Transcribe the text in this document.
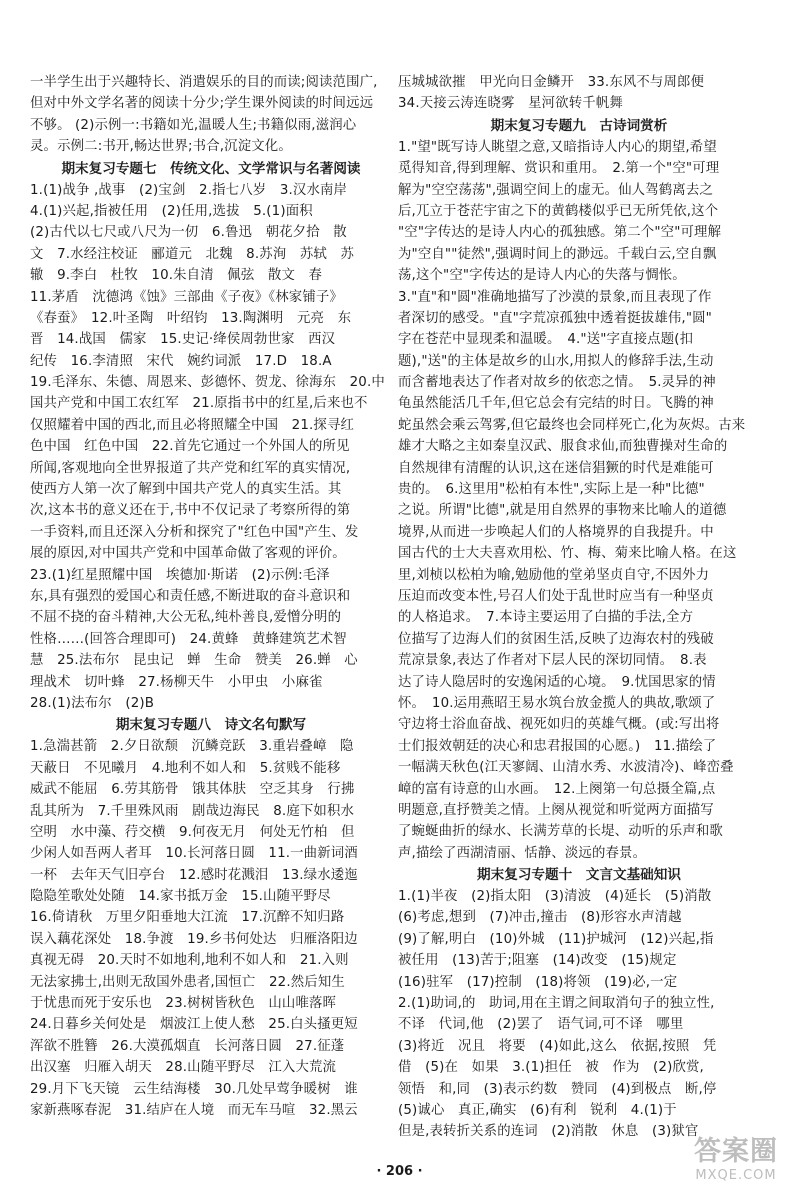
一半学生出于兴趣特长、消遣娱乐的目的而读;阅读范围广,
但对中外文学名著的阅读十分少;学生课外阅读的时间远远
不够。 (2)示例一:书籍如光,温暖人生;书籍似雨,滋润心
灵。示例二:书开,畅达世界;书合,沉淀文化。
期末复习专题七　传统文化、文学常识与名著阅读
1.(1)战争 ,战事　(2)宝剑　2.指七八岁　3.汉水南岸
4.(1)兴起,指被任用　(2)任用,选拔　5.(1)面积
(2)古代以七尺或八尺为一仞　6.鲁迅　朝花夕拾　散
文　7.水经注校证　郦道元　北魏　8.苏洵　苏轼　苏
辙　9.李白　杜牧　10.朱自清　佩弦　散文　春
11.茅盾　沈德鸿《蚀》三部曲《子夜》《林家铺子》
《春蚕》　12.叶圣陶　叶绍钧　13.陶渊明　元亮　东
晋　14.战国　儒家　15.史记·绛侯周勃世家　西汉
纪传　16.李清照　宋代　婉约词派　17.D　18.A
19.毛泽东、朱德、周恩来、彭德怀、贺龙、徐海东　20.中
国共产党和中国工农红军　21.原指书中的红星,后来也不
仅照耀着中国的西北,而且必将照耀全中国　21.探寻红
色中国　红色中国　22.首先它通过一个外国人的所见
所闻,客观地向全世界报道了共产党和红军的真实情况,
使西方人第一次了解到中国共产党人的真实生活。其
次,这本书的意义还在于,书中不仅记录了考察所得的第
一手资料,而且还深入分析和探究了"红色中国"产生、发
展的原因,对中国共产党和中国革命做了客观的评价。
23.(1)红星照耀中国　埃德加·斯诺　(2)示例:毛泽
东,具有强烈的爱国心和责任感,不断进取的奋斗意识和
不屈不挠的奋斗精神,大公无私,纯朴善良,爱憎分明的
性格……(回答合理即可)　24.黄蜂　黄蜂建筑艺术智
慧　25.法布尔　昆虫记　蝉　生命　赞美　26.蝉　心
理战术　切叶蜂　27.杨柳天牛　小甲虫　小麻雀
28.(1)法布尔　(2)B
期末复习专题八　诗文名句默写
1.急湍甚箭　2.夕日欲颓　沉鳞竞跃　3.重岩叠嶂　隐
天蔽日　不见曦月　4.地利不如人和　5.贫贱不能移
威武不能屈　6.劳其筋骨　饿其体肤　空乏其身　行拂
乱其所为　7.千里殊风雨　剧哉边海民　8.庭下如积水
空明　水中藻、荇交横　9.何夜无月　何处无竹柏　但
少闲人如吾两人者耳　10.长河落日圆　11.一曲新词酒
一杯　去年天气旧亭台　12.感时花溅泪　13.绿水逶迤
隐隐笙歌处处随　14.家书抵万金　15.山随平野尽
16.倚请秋　万里夕阳垂地大江流　17.沉醉不知归路
误入藕花深处　18.争渡　19.乡书何处达　归雁洛阳边
真视无碍　20.天时不如地利,地利不如人和　21.入则
无法家拂士,出则无敌国外患者,国恒亡　22.然后知生
于忧患而死于安乐也　23.树树皆秋色　山山唯落晖
24.日暮乡关何处是　烟波江上使人愁　25.白头搔更短
浑欲不胜簪　26.大漠孤烟直　长河落日圆　27.征蓬
出汉塞　归雁入胡天　28.山随平野尽　江入大荒流
29.月下飞天镜　云生结海楼　30.几处早莺争暖树　谁
家新燕啄春泥　31.结庐在人境　而无车马喧　32.黑云
压城城欲摧　甲光向日金鳞开　33.东风不与周郎便
34.天接云涛连晓雾　星河欲转千帆舞
期末复习专题九　古诗词赏析
1."望"既写诗人眺望之意,又暗指诗人内心的期望,希望
觅得知音,得到理解、赏识和重用。　2.第一个"空"可理
解为"空空荡荡",强调空间上的虚无。仙人驾鹤离去之
后,兀立于苍茫宇宙之下的黄鹤楼似乎已无所凭依,这个
"空"字传达的是诗人内心的孤独感。第二个"空"可理解
为"空自""徒然",强调时间上的渺远。千载白云,空自飘
荡,这个"空"字传达的是诗人内心的失落与惆怅。
3."直"和"圆"准确地描写了沙漠的景象,而且表现了作
者深切的感受。"直"字荒凉孤独中透着挺拔雄伟,"圆"
字在苍茫中显现柔和温暖。　4."送"字直接点题(扣
题),"送"的主体是故乡的山水,用拟人的修辞手法,生动
而含蓄地表达了作者对故乡的依恋之情。　5.灵异的神
龟虽然能活几千年,但它总会有完结的时日。飞腾的神
蛇虽然会乘云驾雾,但它最终也会同样死亡,化为灰烬。古来
雄才大略之主如秦皇汉武、服食求仙,而独曹操对生命的
自然规律有清醒的认识,这在迷信猖獗的时代是难能可
贵的。　6.这里用"松柏有本性",实际上是一种"比德"
之说。所谓"比德",就是用自然界的事物来比喻人的道德
境界,从而进一步唤起人们的人格境界的自我提升。中
国古代的士大夫喜欢用松、竹、梅、菊来比喻人格。在这
里,刘桢以松柏为喻,勉励他的堂弟坚贞自守,不因外力
压迫而改变本性,号召人们处于乱世时应当有一种坚贞
的人格追求。　7.本诗主要运用了白描的手法,全方
位描写了边海人们的贫困生活,反映了边海农村的残破
荒凉景象,表达了作者对下层人民的深切同情。　8.表
达了诗人隐居时的安逸闲适的心境。　9.忧国思家的情
怀。　10.运用燕昭王易水筑台放金揽人的典故,歌颂了
守边将士浴血奋战、视死如归的英雄气概。(或:写出将
士们报效朝廷的决心和忠君报国的心愿。)　11.描绘了
一幅满天秋色(江天寥阔、山清水秀、水波清冷)、峰峦叠
嶂的富有诗意的山水画。　12.上阕第一句总摄全篇,点
明题意,直抒赞美之情。上阕从视觉和听觉两方面描写
了蜿蜒曲折的绿水、长满芳草的长堤、动听的乐声和歌
声,描绘了西湖清丽、恬静、淡远的春景。
期末复习专题十　文言文基础知识
1.(1)半夜　(2)指太阳　(3)清波　(4)延长　(5)消散
(6)考虑,想到　(7)冲击,撞击　(8)形容水声清越
(9)了解,明白　(10)外城　(11)护城河　(12)兴起,指
被任用　(13)苦于;阻塞　(14)改变　(15)规定
(16)驻军　(17)控制　(18)将领　(19)必,一定
2.(1)助词,的　助词,用在主谓之间取消句子的独立性,
不译　代词,他　(2)罢了　语气词,可不译　哪里
(3)将近　况且　将要　(4)如此,这么　依据,按照　凭
借　(5)在　如果　3.(1)担任　被　作为　(2)欣赏,
领悟　和,同　(3)表示约数　赞同　(4)到极点　断,停
(5)诚心　真正,确实　(6)有利　锐利　4.(1)于
但是,表转折关系的连词　(2)消散　休息　(3)狱官
· 206 ·
答案圈
MXQE.COM
